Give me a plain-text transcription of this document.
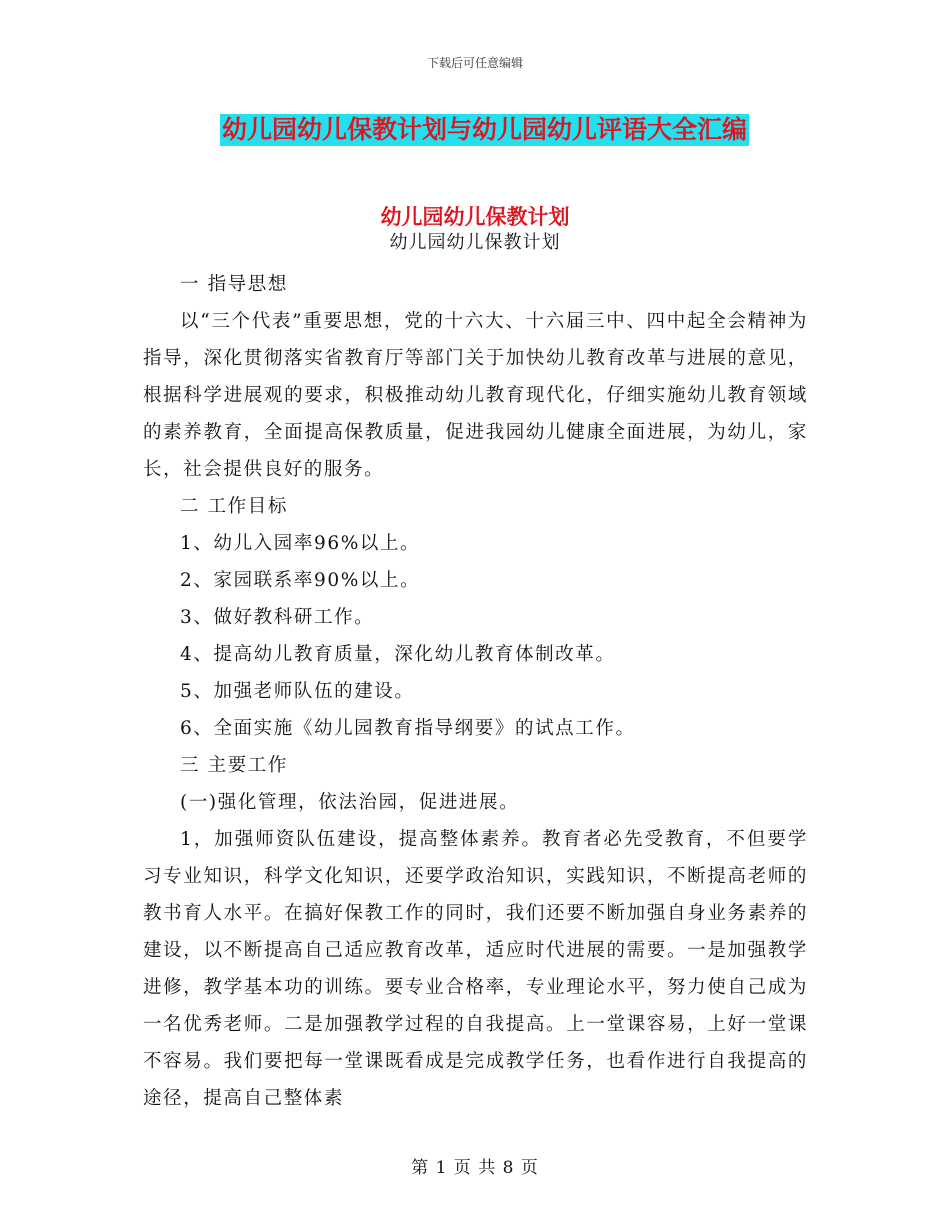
下载后可任意编辑
幼儿园幼儿保教计划与幼儿园幼儿评语大全汇编
幼儿园幼儿保教计划
幼儿园幼儿保教计划

一 指导思想

以“三个代表”重要思想，党的十六大、十六届三中、四中起全会精神为指导，深化贯彻落实省教育厅等部门关于加快幼儿教育改革与进展的意见，根据科学进展观的要求，积极推动幼儿教育现代化，仔细实施幼儿教育领域的素养教育，全面提高保教质量，促进我园幼儿健康全面进展，为幼儿，家长，社会提供良好的服务。

二 工作目标

1、幼儿入园率96%以上。

2、家园联系率90%以上。

3、做好教科研工作。

4、提高幼儿教育质量，深化幼儿教育体制改革。

5、加强老师队伍的建设。

6、全面实施《幼儿园教育指导纲要》的试点工作。

三 主要工作

(一)强化管理，依法治园，促进进展。

1，加强师资队伍建设，提高整体素养。教育者必先受教育，不但要学习专业知识，科学文化知识，还要学政治知识，实践知识，不断提高老师的教书育人水平。在搞好保教工作的同时，我们还要不断加强自身业务素养的建设，以不断提高自己适应教育改革，适应时代进展的需要。一是加强教学进修，教学基本功的训练。要专业合格率，专业理论水平，努力使自己成为一名优秀老师。二是加强教学过程的自我提高。上一堂课容易，上好一堂课不容易。我们要把每一堂课既看成是完成教学任务，也看作进行自我提高的途径，提高自己整体素

第 1 页 共 8 页
